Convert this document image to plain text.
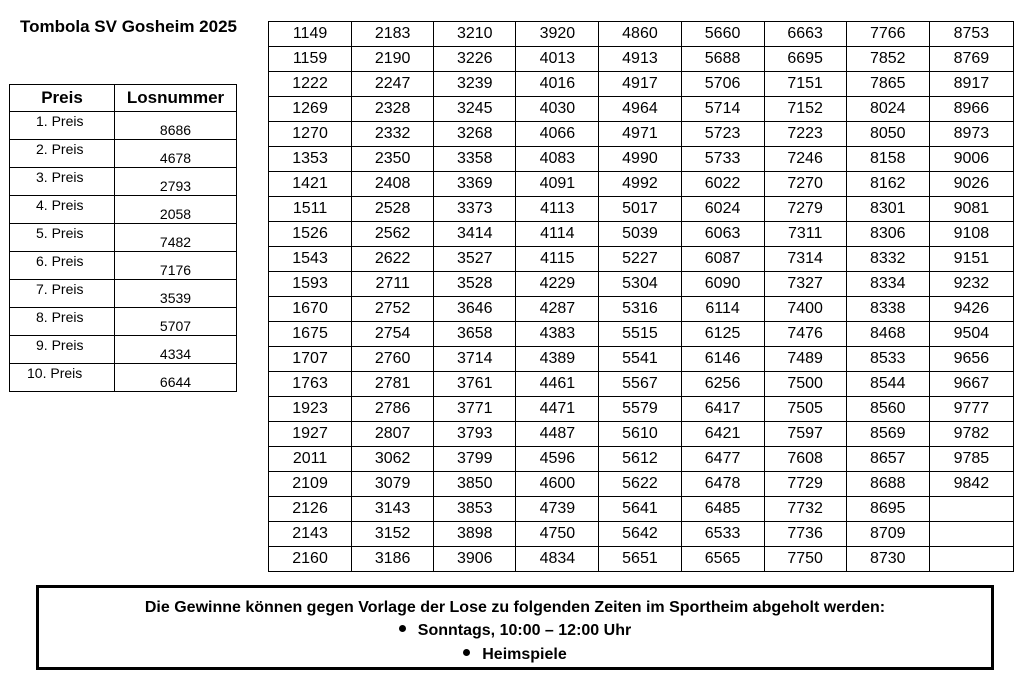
Tombola SV Gosheim 2025
Preis	Losnummer
1. Preis	8686
2. Preis	4678
3. Preis	2793
4. Preis	2058
5. Preis	7482
6. Preis	7176
7. Preis	3539
8. Preis	5707
9. Preis	4334
10. Preis	6644
1149	2183	3210	3920	4860	5660	6663	7766	8753
1159	2190	3226	4013	4913	5688	6695	7852	8769
1222	2247	3239	4016	4917	5706	7151	7865	8917
1269	2328	3245	4030	4964	5714	7152	8024	8966
1270	2332	3268	4066	4971	5723	7223	8050	8973
1353	2350	3358	4083	4990	5733	7246	8158	9006
1421	2408	3369	4091	4992	6022	7270	8162	9026
1511	2528	3373	4113	5017	6024	7279	8301	9081
1526	2562	3414	4114	5039	6063	7311	8306	9108
1543	2622	3527	4115	5227	6087	7314	8332	9151
1593	2711	3528	4229	5304	6090	7327	8334	9232
1670	2752	3646	4287	5316	6114	7400	8338	9426
1675	2754	3658	4383	5515	6125	7476	8468	9504
1707	2760	3714	4389	5541	6146	7489	8533	9656
1763	2781	3761	4461	5567	6256	7500	8544	9667
1923	2786	3771	4471	5579	6417	7505	8560	9777
1927	2807	3793	4487	5610	6421	7597	8569	9782
2011	3062	3799	4596	5612	6477	7608	8657	9785
2109	3079	3850	4600	5622	6478	7729	8688	9842
2126	3143	3853	4739	5641	6485	7732	8695	
2143	3152	3898	4750	5642	6533	7736	8709	
2160	3186	3906	4834	5651	6565	7750	8730	
Die Gewinne können gegen Vorlage der Lose zu folgenden Zeiten im Sportheim abgeholt werden:
Sonntags, 10:00 – 12:00 Uhr
Heimspiele
